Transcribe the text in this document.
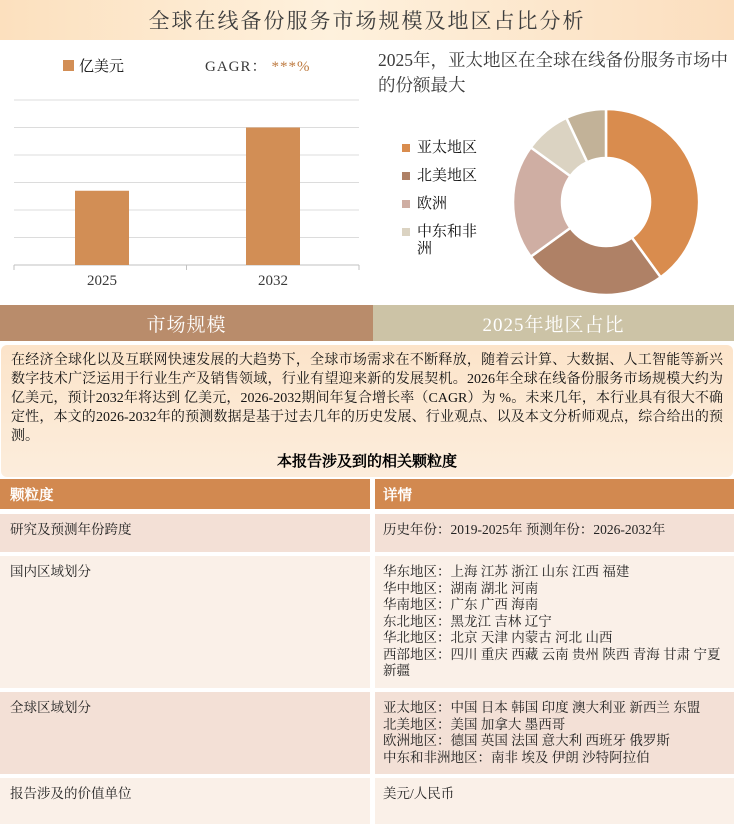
全球在线备份服务市场规模及地区占比分析
2025	2032
亿美元	GAGR： ***%	2025年，亚太地区在全球在线备份服务市场中的份额最大
亚太地区
北美地区
欧洲
中东和非洲
市场规模	2025年地区占比

在经济全球化以及互联网快速发展的大趋势下，全球市场需求在不断释放，随着云计算、大数据、人工智能等新兴数字技术广泛运用于行业生产及销售领域，行业有望迎来新的发展契机。2026年全球在线备份服务市场规模大约为 亿美元，预计2032年将达到 亿美元，2026-2032期间年复合增长率（CAGR）为 %。未来几年，本行业具有很大不确定性，本文的2026-2032年的预测数据是基于过去几年的历史发展、行业观点、以及本文分析师观点，综合给出的预测。

本报告涉及到的相关颗粒度
颗粒度	详情
研究及预测年份跨度	历史年份：2019-2025年 预测年份：2026-2032年
国内区域划分	华东地区：上海 江苏 浙江 山东 江西 福建
华中地区：湖南 湖北 河南
华南地区：广东 广西 海南
东北地区：黑龙江 吉林 辽宁
华北地区：北京 天津 内蒙古 河北 山西
西部地区：四川 重庆 西藏 云南 贵州 陕西 青海 甘肃 宁夏 新疆
全球区域划分	亚太地区：中国 日本 韩国 印度 澳大利亚 新西兰 东盟
北美地区：美国 加拿大 墨西哥
欧洲地区：德国 英国 法国 意大利 西班牙 俄罗斯
中东和非洲地区：南非 埃及 伊朗 沙特阿拉伯
报告涉及的价值单位	美元/人民币
